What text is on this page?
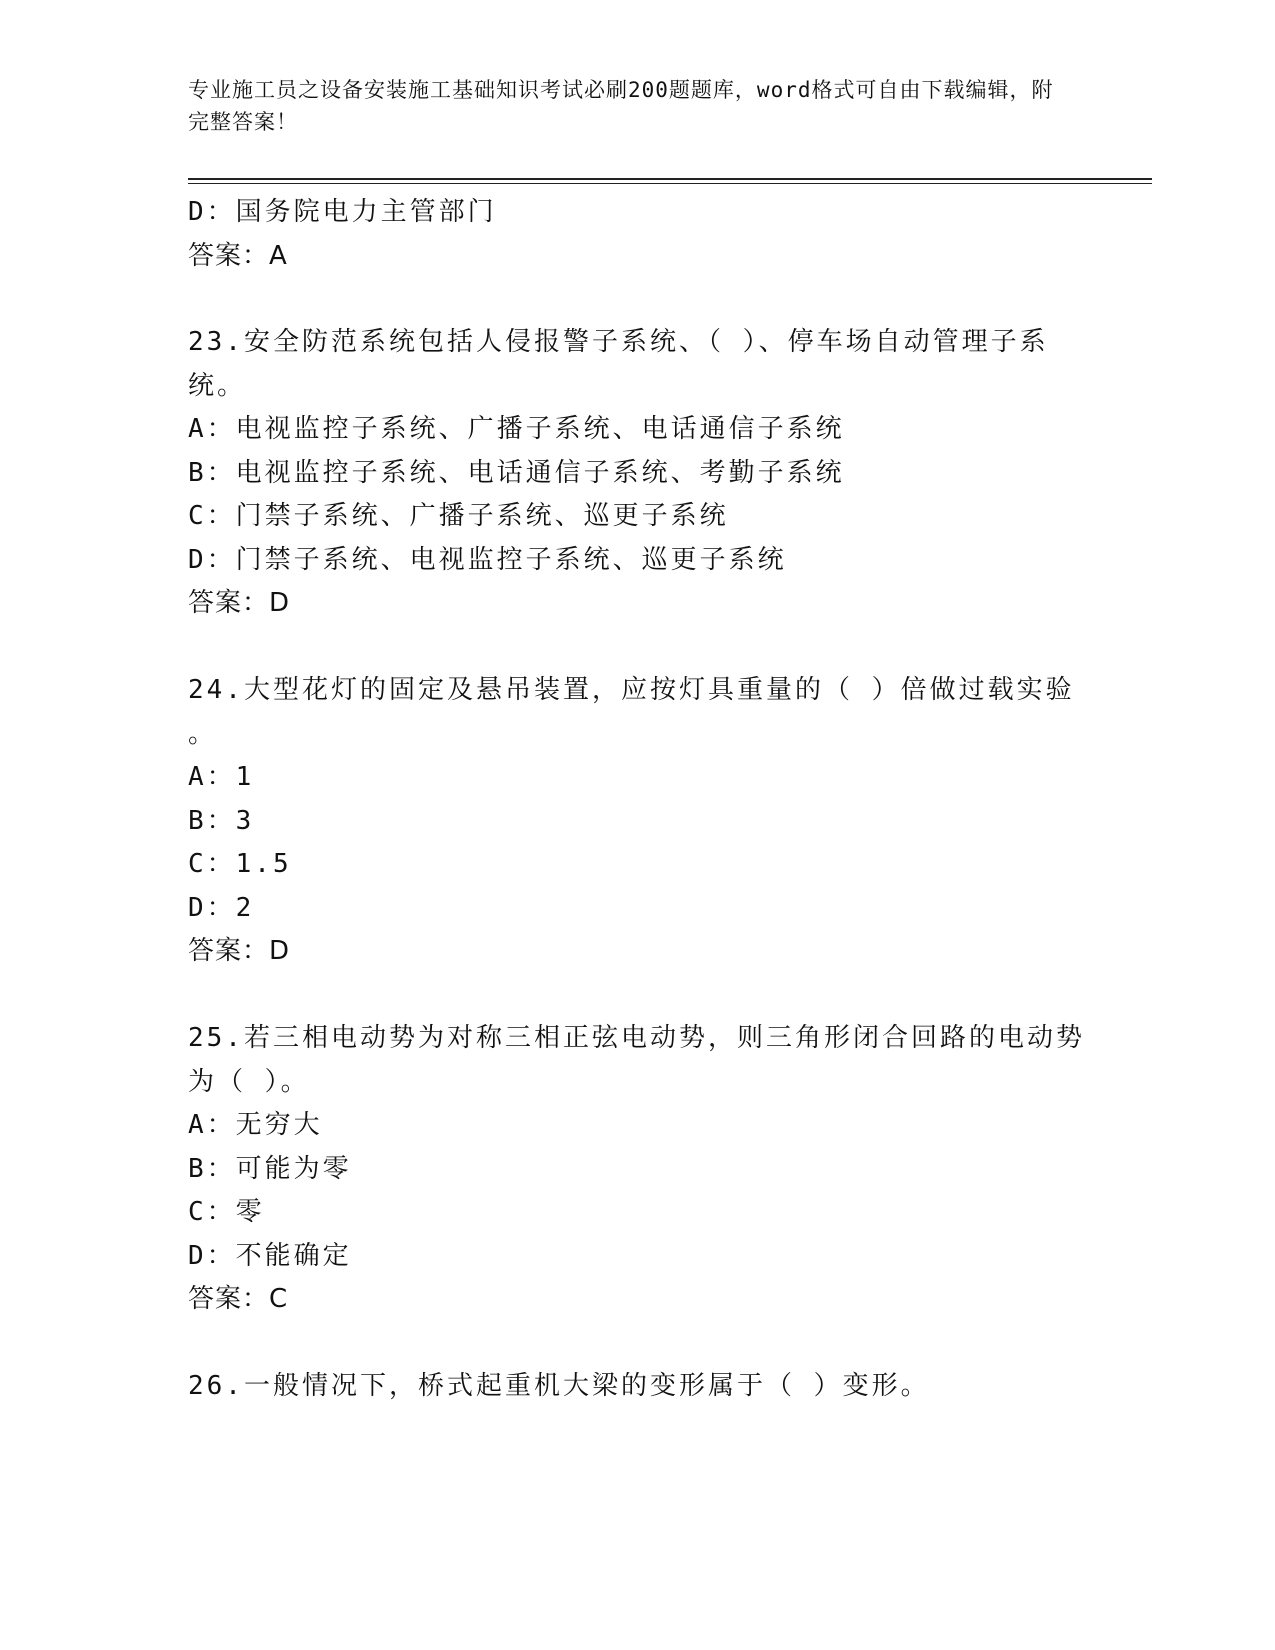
专业施工员之设备安装施工基础知识考试必刷200题题库，word格式可自由下载编辑，附完整答案！
D：国务院电力主管部门
答案：A
23.安全防范系统包括人侵报警子系统、（ ）、停车场自动管理子系
统。
A：电视监控子系统、广播子系统、电话通信子系统
B：电视监控子系统、电话通信子系统、考勤子系统
C：门禁子系统、广播子系统、巡更子系统
D：门禁子系统、电视监控子系统、巡更子系统
答案：D
24.大型花灯的固定及悬吊装置，应按灯具重量的（ ）倍做过载实验
。
A：1
B：3
C：1.5
D：2
答案：D
25.若三相电动势为对称三相正弦电动势，则三角形闭合回路的电动势
为（ ）。
A：无穷大
B：可能为零
C：零
D：不能确定
答案：C
26.一般情况下，桥式起重机大梁的变形属于（ ）变形。
